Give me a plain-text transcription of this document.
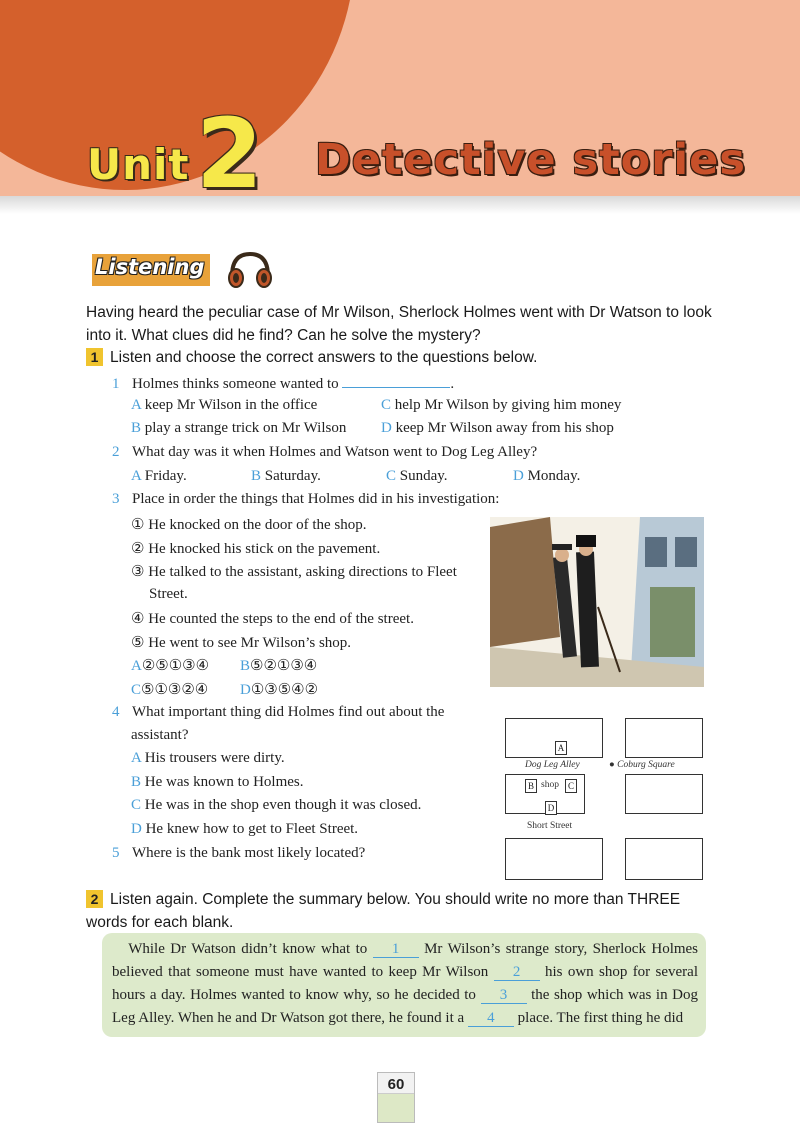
Unit 2 Detective stories
Listening
Having heard the peculiar case of Mr Wilson, Sherlock Holmes went with Dr Watson to look into it. What clues did he find? Can he solve the mystery?
1 Listen and choose the correct answers to the questions below.
1 Holmes thinks someone wanted to	.
A keep Mr Wilson in the office	C help Mr Wilson by giving him money
B play a strange trick on Mr Wilson D keep Mr Wilson away from his shop
2 What day was it when Holmes and Watson went to Dog Leg Alley?
A Friday.	B Saturday.	C Sunday.	D Monday.
3 Place in order the things that Holmes did in his investigation:
① He knocked on the door of the shop.
② He knocked his stick on the pavement.
③ He talked to the assistant, asking directions to Fleet
Street.
④ He counted the steps to the end of the street.
⑤ He went to see Mr Wilson’s shop.
A②⑤①③④ B⑤②①③④
C⑤①③②④ D①③⑤④②
4 What important thing did Holmes find out about the
assistant?
A His trousers were dirty.
B He was known to Holmes.
C He was in the shop even though it was closed.
D He knew how to get to Fleet Street.
5 Where is the bank most likely located?
A
Dog Leg Alley	● Coburg Square
B shop	C
D
Short Street
2 Listen again. Complete the summary below. You should write no more than THREE words for each blank.
While Dr Watson didn’t know what to 1 Mr Wilson’s strange story, Sherlock Holmes believed that someone must have wanted to keep Mr Wilson 2 his own shop for several hours a day. Holmes wanted to know why, so he decided to 3 the shop which was in Dog Leg Alley. When he and Dr Watson got there, he found it a 4 place. The first thing he did
60
